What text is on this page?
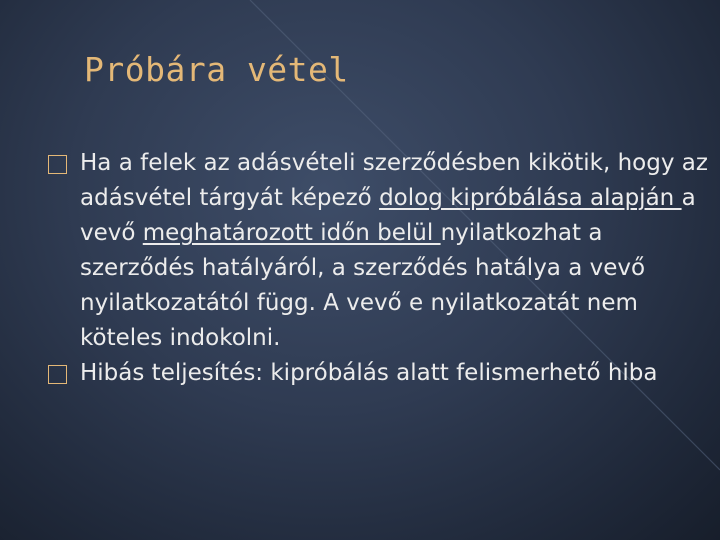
Próbára vétel

Ha a felek az adásvételi szerződésben kikötik, hogy az adásvétel tárgyát képező dolog kipróbálása alapján a vevő meghatározott időn belül nyilatkozhat a szerződés hatályáról, a szerződés hatálya a vevő nyilatkozatától függ. A vevő e nyilatkozatát nem köteles indokolni.

Hibás teljesítés: kipróbálás alatt felismerhető hiba
